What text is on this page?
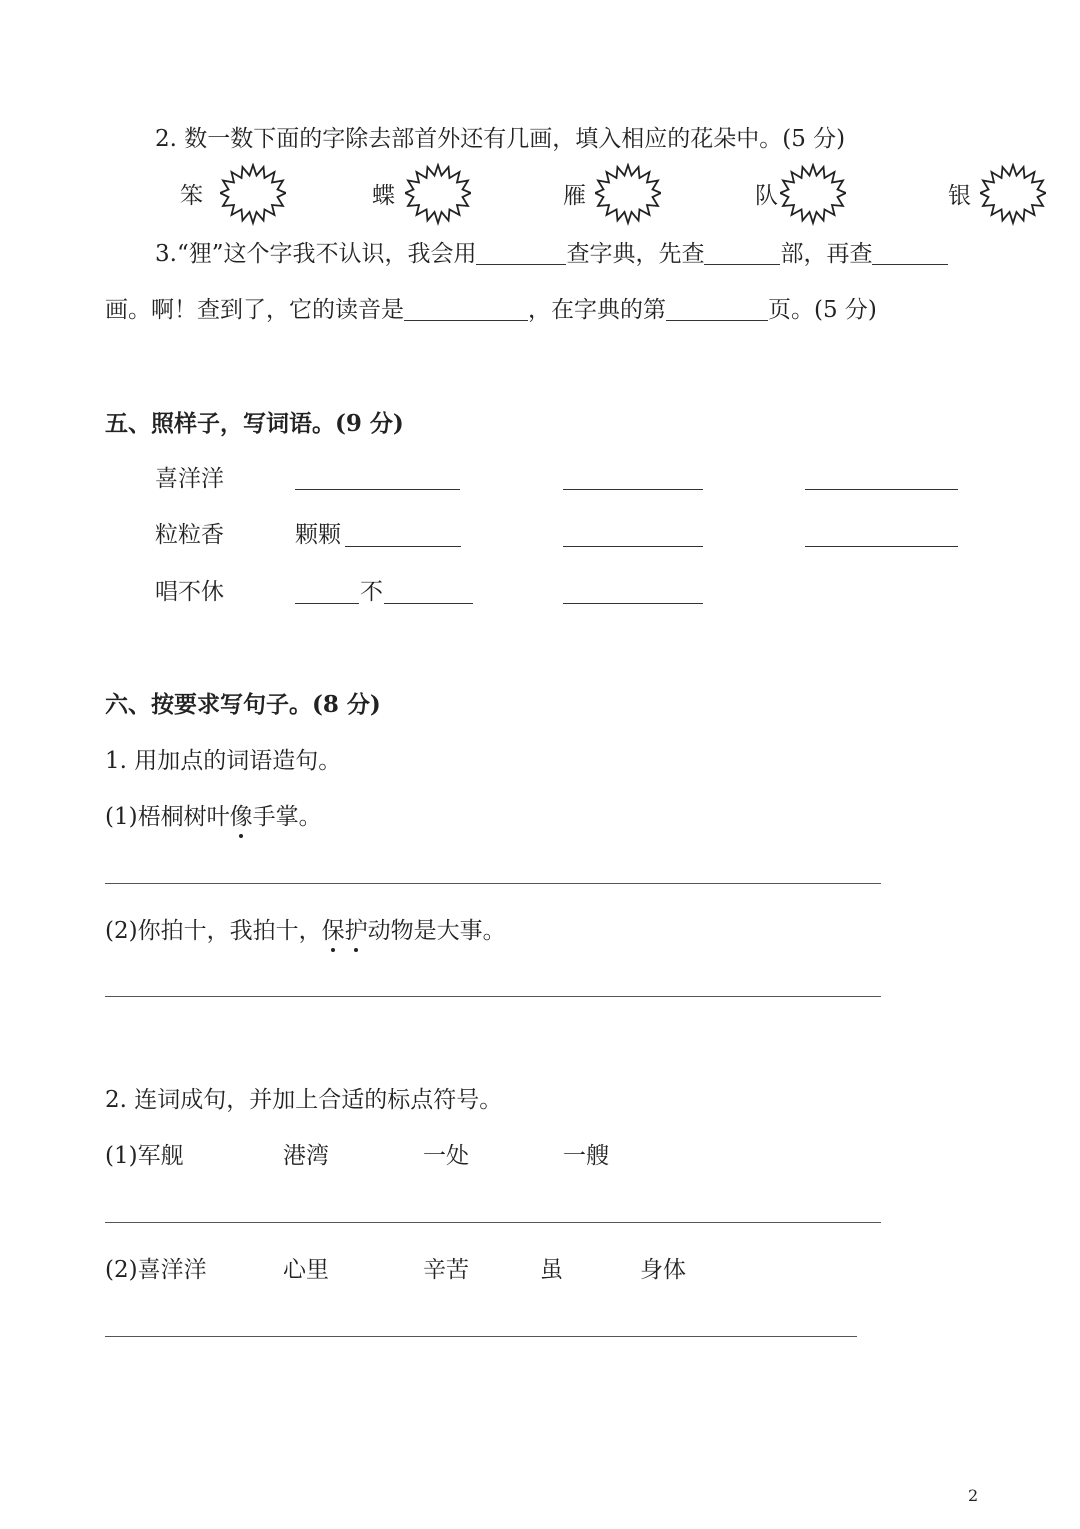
2. 数一数下面的字除去部首外还有几画，填入相应的花朵中。(5 分)
笨	蝶	雁	队	银
3.“狸”这个字我不认识，我会用	查字典，先查	部，再查
画。啊！查到了，它的读音是	，在字典的第	页。(5 分)
五、照样子，写词语。(9 分)
喜洋洋
粒粒香	颗颗
唱不休	不
六、按要求写句子。(8 分)
1. 用加点的词语造句。
(1)梧桐树叶像手掌。
(2)你拍十，我拍十，保护动物是大事。
2. 连词成句，并加上合适的标点符号。
(1)军舰	港湾	一处	一艘
(2)喜洋洋	心里	辛苦	虽	身体
2
